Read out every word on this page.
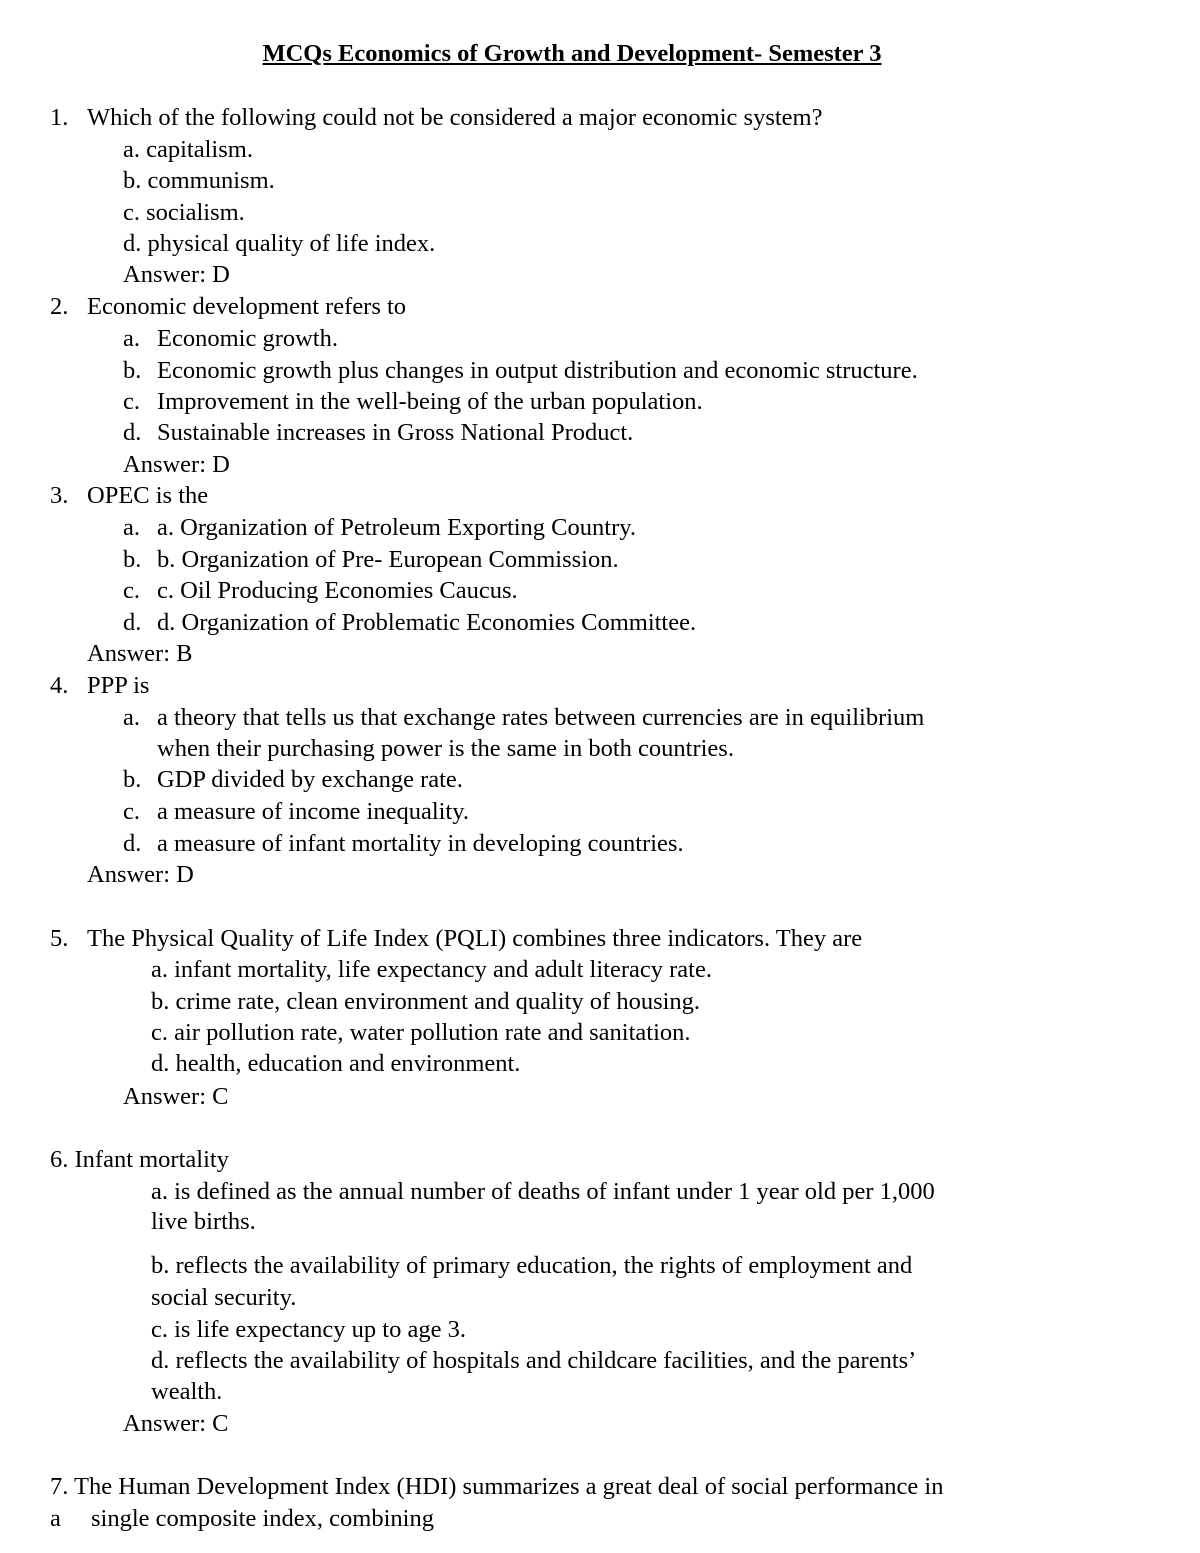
MCQs Economics of Growth and Development- Semester 3
1. Which of the following could not be considered a major economic system?
a. capitalism.
b. communism.
c. socialism.
d. physical quality of life index.
Answer: D
2. Economic development refers to
a. Economic growth.
b. Economic growth plus changes in output distribution and economic structure.
c. Improvement in the well-being of the urban population.
d. Sustainable increases in Gross National Product.
Answer: D
3. OPEC is the
a. a. Organization of Petroleum Exporting Country.
b. b. Organization of Pre- European Commission.
c. c. Oil Producing Economies Caucus.
d. d. Organization of Problematic Economies Committee.
Answer: B
4. PPP is
a. a theory that tells us that exchange rates between currencies are in equilibrium
when their purchasing power is the same in both countries.
b. GDP divided by exchange rate.
c. a measure of income inequality.
d. a measure of infant mortality in developing countries.
Answer: D
5. The Physical Quality of Life Index (PQLI) combines three indicators. They are
a. infant mortality, life expectancy and adult literacy rate.
b. crime rate, clean environment and quality of housing.
c. air pollution rate, water pollution rate and sanitation.
d. health, education and environment.
Answer: C
6. Infant mortality
a. is defined as the annual number of deaths of infant under 1 year old per 1,000
live births.
b. reflects the availability of primary education, the rights of employment and
social security.
c. is life expectancy up to age 3.
d. reflects the availability of hospitals and childcare facilities, and the parents’
wealth.
Answer: C
7. The Human Development Index (HDI) summarizes a great deal of social performance in
a single composite index, combining
